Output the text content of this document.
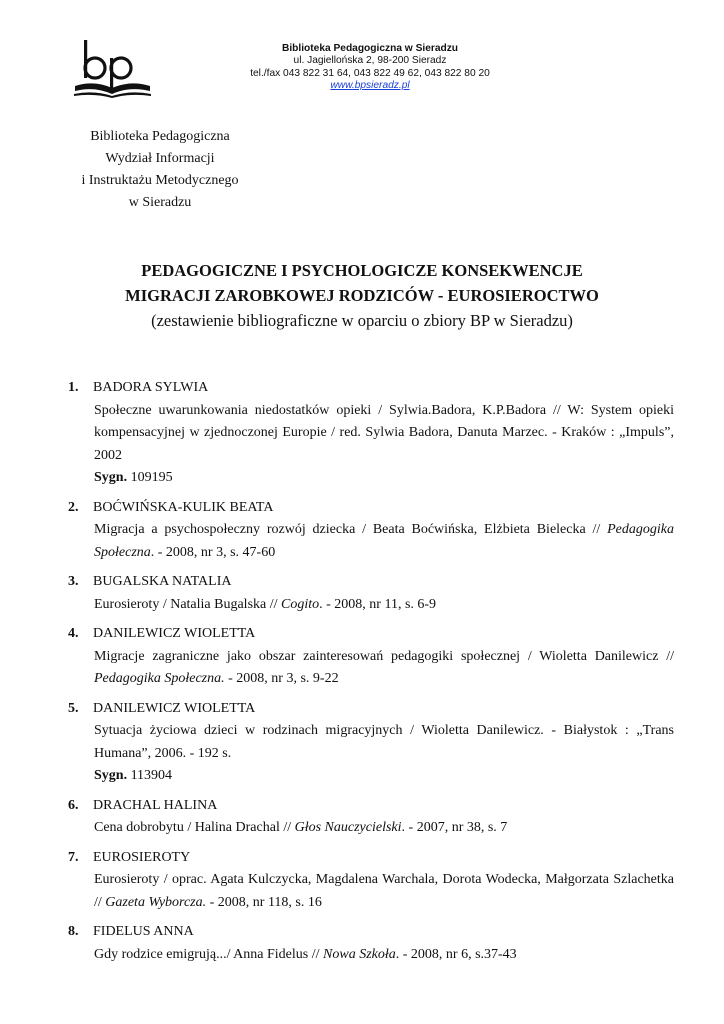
Biblioteka Pedagogiczna w Sieradzu
ul. Jagiellońska 2, 98-200 Sieradz
tel./fax 043 822 31 64, 043 822 49 62, 043 822 80 20
www.bpsieradz.pl
Biblioteka Pedagogiczna
Wydział Informacji
i Instruktażu Metodycznego
w Sieradzu
PEDAGOGICZNE I PSYCHOLOGICZE KONSEKWENCJE
MIGRACJI ZAROBKOWEJ RODZICÓW - EUROSIEROCTWO
(zestawienie bibliograficzne w oparciu o zbiory BP w Sieradzu)
1. BADORA SYLWIA
Społeczne uwarunkowania niedostatków opieki / Sylwia.Badora, K.P.Badora // W: System opieki kompensacyjnej w zjednoczonej Europie / red. Sylwia Badora, Danuta Marzec. - Kraków : „Impuls”, 2002
Sygn. 109195
2. BOĆWIŃSKA-KULIK BEATA
Migracja a psychospołeczny rozwój dziecka / Beata Boćwińska, Elżbieta Bielecka // Pedagogika Społeczna. - 2008, nr 3, s. 47-60
3. BUGALSKA NATALIA
Eurosieroty / Natalia Bugalska // Cogito. - 2008, nr 11, s. 6-9
4. DANILEWICZ WIOLETTA
Migracje zagraniczne jako obszar zainteresowań pedagogiki społecznej / Wioletta Danilewicz // Pedagogika Społeczna. - 2008, nr 3, s. 9-22
5. DANILEWICZ WIOLETTA
Sytuacja życiowa dzieci w rodzinach migracyjnych / Wioletta Danilewicz. - Białystok : „Trans Humana”, 2006. - 192 s.
Sygn. 113904
6. DRACHAL HALINA
Cena dobrobytu / Halina Drachal // Głos Nauczycielski. - 2007, nr 38, s. 7
7. EUROSIEROTY
Eurosieroty / oprac. Agata Kulczycka, Magdalena Warchala, Dorota Wodecka, Małgorzata Szlachetka // Gazeta Wyborcza. - 2008, nr 118, s. 16
8. FIDELUS ANNA
Gdy rodzice emigrują.../ Anna Fidelus // Nowa Szkoła. - 2008, nr 6, s.37-43
